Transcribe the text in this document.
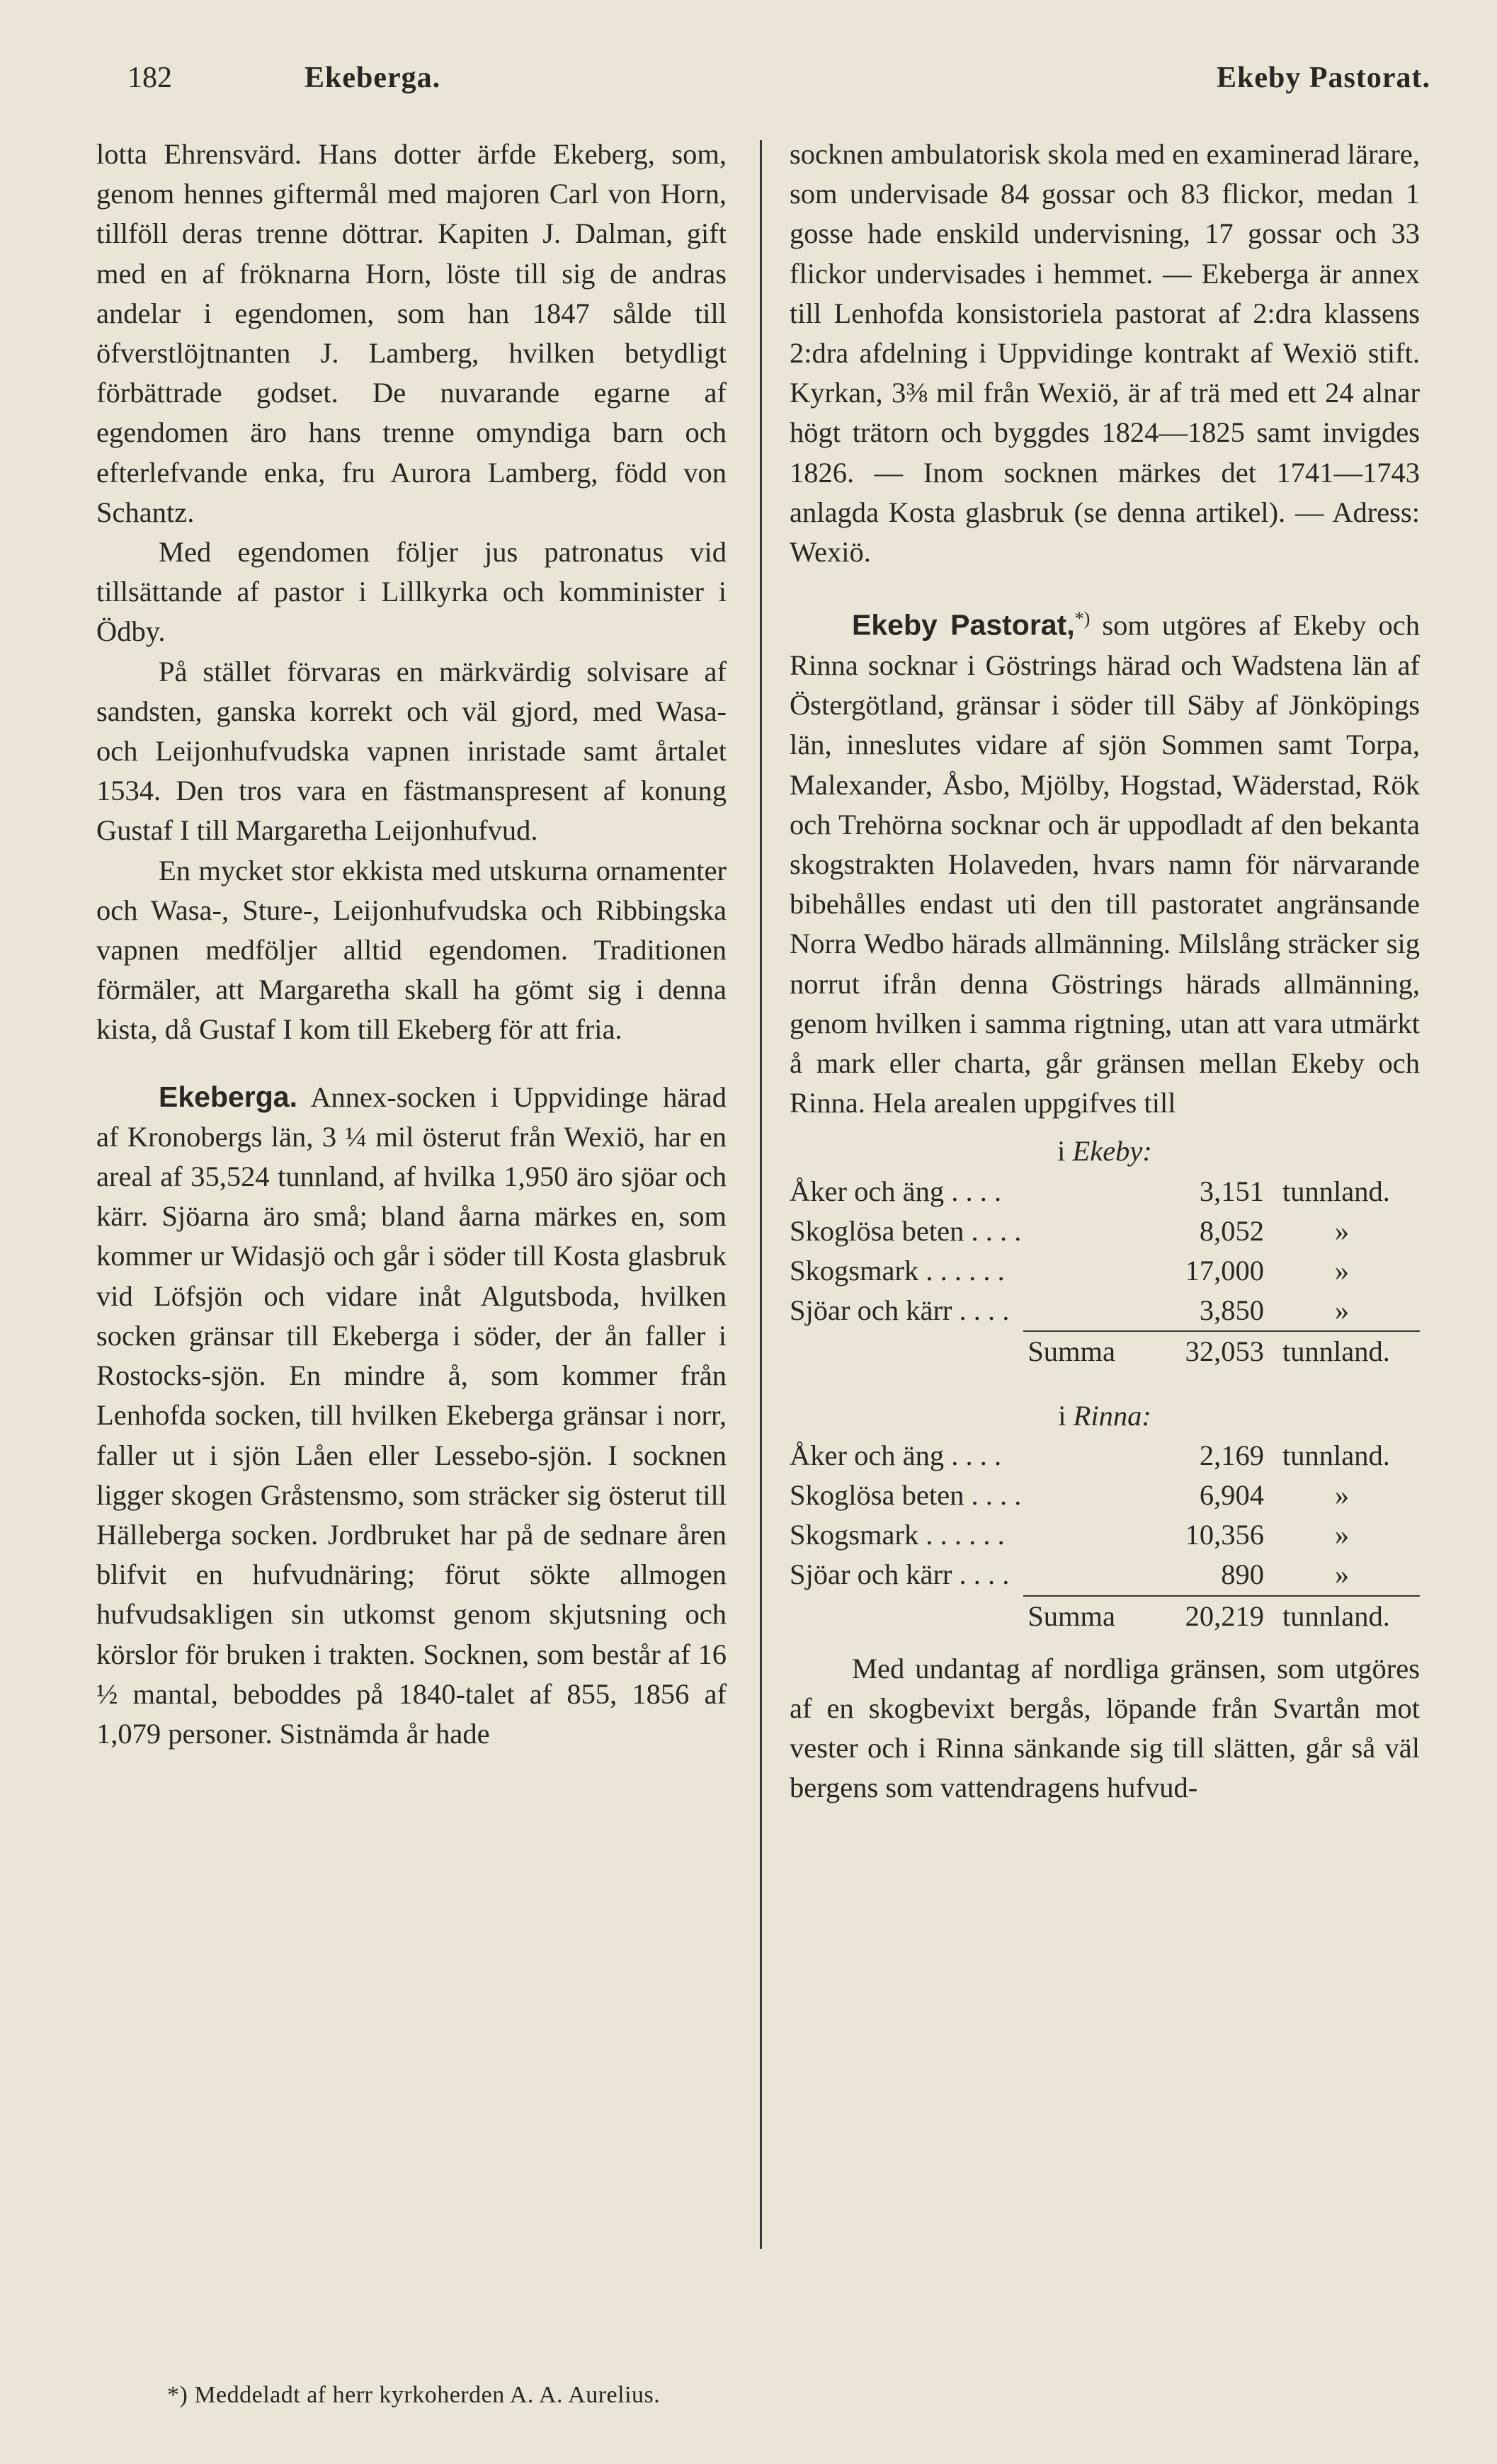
182	Ekeberga.	Ekeby Pastorat.

lotta Ehrensvärd. Hans dotter ärfde Ekeberg, som, genom hennes giftermål med majoren Carl von Horn, tillföll deras trenne döttrar. Kapiten J. Dalman, gift med en af fröknarna Horn, löste till sig de andras andelar i egendomen, som han 1847 sålde till öfverstlöjtnanten J. Lamberg, hvilken betydligt förbättrade godset. De nuvarande egarne af egendomen äro hans trenne omyndiga barn och efterlefvande enka, fru Aurora Lamberg, född von Schantz.

Med egendomen följer jus patronatus vid tillsättande af pastor i Lillkyrka och komminister i Ödby.

På stället förvaras en märkvärdig solvisare af sandsten, ganska korrekt och väl gjord, med Wasa- och Leijonhufvudska vapnen inristade samt årtalet 1534. Den tros vara en fästmanspresent af konung Gustaf I till Margaretha Leijonhufvud.

En mycket stor ekkista med utskurna ornamenter och Wasa-, Sture-, Leijonhufvudska och Ribbingska vapnen medföljer alltid egendomen. Traditionen förmäler, att Margaretha skall ha gömt sig i denna kista, då Gustaf I kom till Ekeberg för att fria.

Ekeberga. Annex-socken i Uppvidinge härad af Kronobergs län, 3 ¼ mil österut från Wexiö, har en areal af 35,524 tunnland, af hvilka 1,950 äro sjöar och kärr. Sjöarna äro små; bland åarna märkes en, som kommer ur Widasjö och går i söder till Kosta glasbruk vid Löfsjön och vidare inåt Algutsboda, hvilken socken gränsar till Ekeberga i söder, der ån faller i Rostocks-sjön. En mindre å, som kommer från Lenhofda socken, till hvilken Ekeberga gränsar i norr, faller ut i sjön Låen eller Lessebo-sjön. I socknen ligger skogen Gråstensmo, som sträcker sig österut till Hälleberga socken. Jordbruket har på de sednare åren blifvit en hufvudnäring; förut sökte allmogen hufvudsakligen sin utkomst genom skjutsning och körslor för bruken i trakten. Socknen, som består af 16 ½ mantal, beboddes på 1840-talet af 855, 1856 af 1,079 personer. Sistnämda år hade

socknen ambulatorisk skola med en examinerad lärare, som undervisade 84 gossar och 83 flickor, medan 1 gosse hade enskild undervisning, 17 gossar och 33 flickor undervisades i hemmet. — Ekeberga är annex till Lenhofda konsistoriela pastorat af 2:dra klassens 2:dra afdelning i Uppvidinge kontrakt af Wexiö stift. Kyrkan, 3⅜ mil från Wexiö, är af trä med ett 24 alnar högt trätorn och byggdes 1824—1825 samt invigdes 1826. — Inom socknen märkes det 1741—1743 anlagda Kosta glasbruk (se denna artikel). — Adress: Wexiö.

Ekeby Pastorat,*) som utgöres af Ekeby och Rinna socknar i Göstrings härad och Wadstena län af Östergötland, gränsar i söder till Säby af Jönköpings län, inneslutes vidare af sjön Sommen samt Torpa, Malexander, Åsbo, Mjölby, Hogstad, Wäderstad, Rök och Trehörna socknar och är uppodladt af den bekanta skogstrakten Holaveden, hvars namn för närvarande bibehålles endast uti den till pastoratet angränsande Norra Wedbo härads allmänning. Milslång sträcker sig norrut ifrån denna Göstrings härads allmänning, genom hvilken i samma rigtning, utan att vara utmärkt å mark eller charta, går gränsen mellan Ekeby och Rinna. Hela arealen uppgifves till

i Ekeby:
Åker och äng . . . .	3,151 tunnland.
Skoglösa beten . . . .	8,052	»
Skogsmark . . . . . .	17,000	»
Sjöar och kärr . . . .	3,850	»
Summa	32,053 tunnland.
i Rinna:
Åker och äng . . . .	2,169 tunnland.
Skoglösa beten . . . .	6,904	»
Skogsmark . . . . . .	10,356	»
Sjöar och kärr . . . .	890	»
Summa	20,219 tunnland.

Med undantag af nordliga gränsen, som utgöres af en skogbevixt bergås, löpande från Svartån mot vester och i Rinna sänkande sig till slätten, går så väl bergens som vattendragens hufvud-

*) Meddeladt af herr kyrkoherden A. A. Aurelius.
